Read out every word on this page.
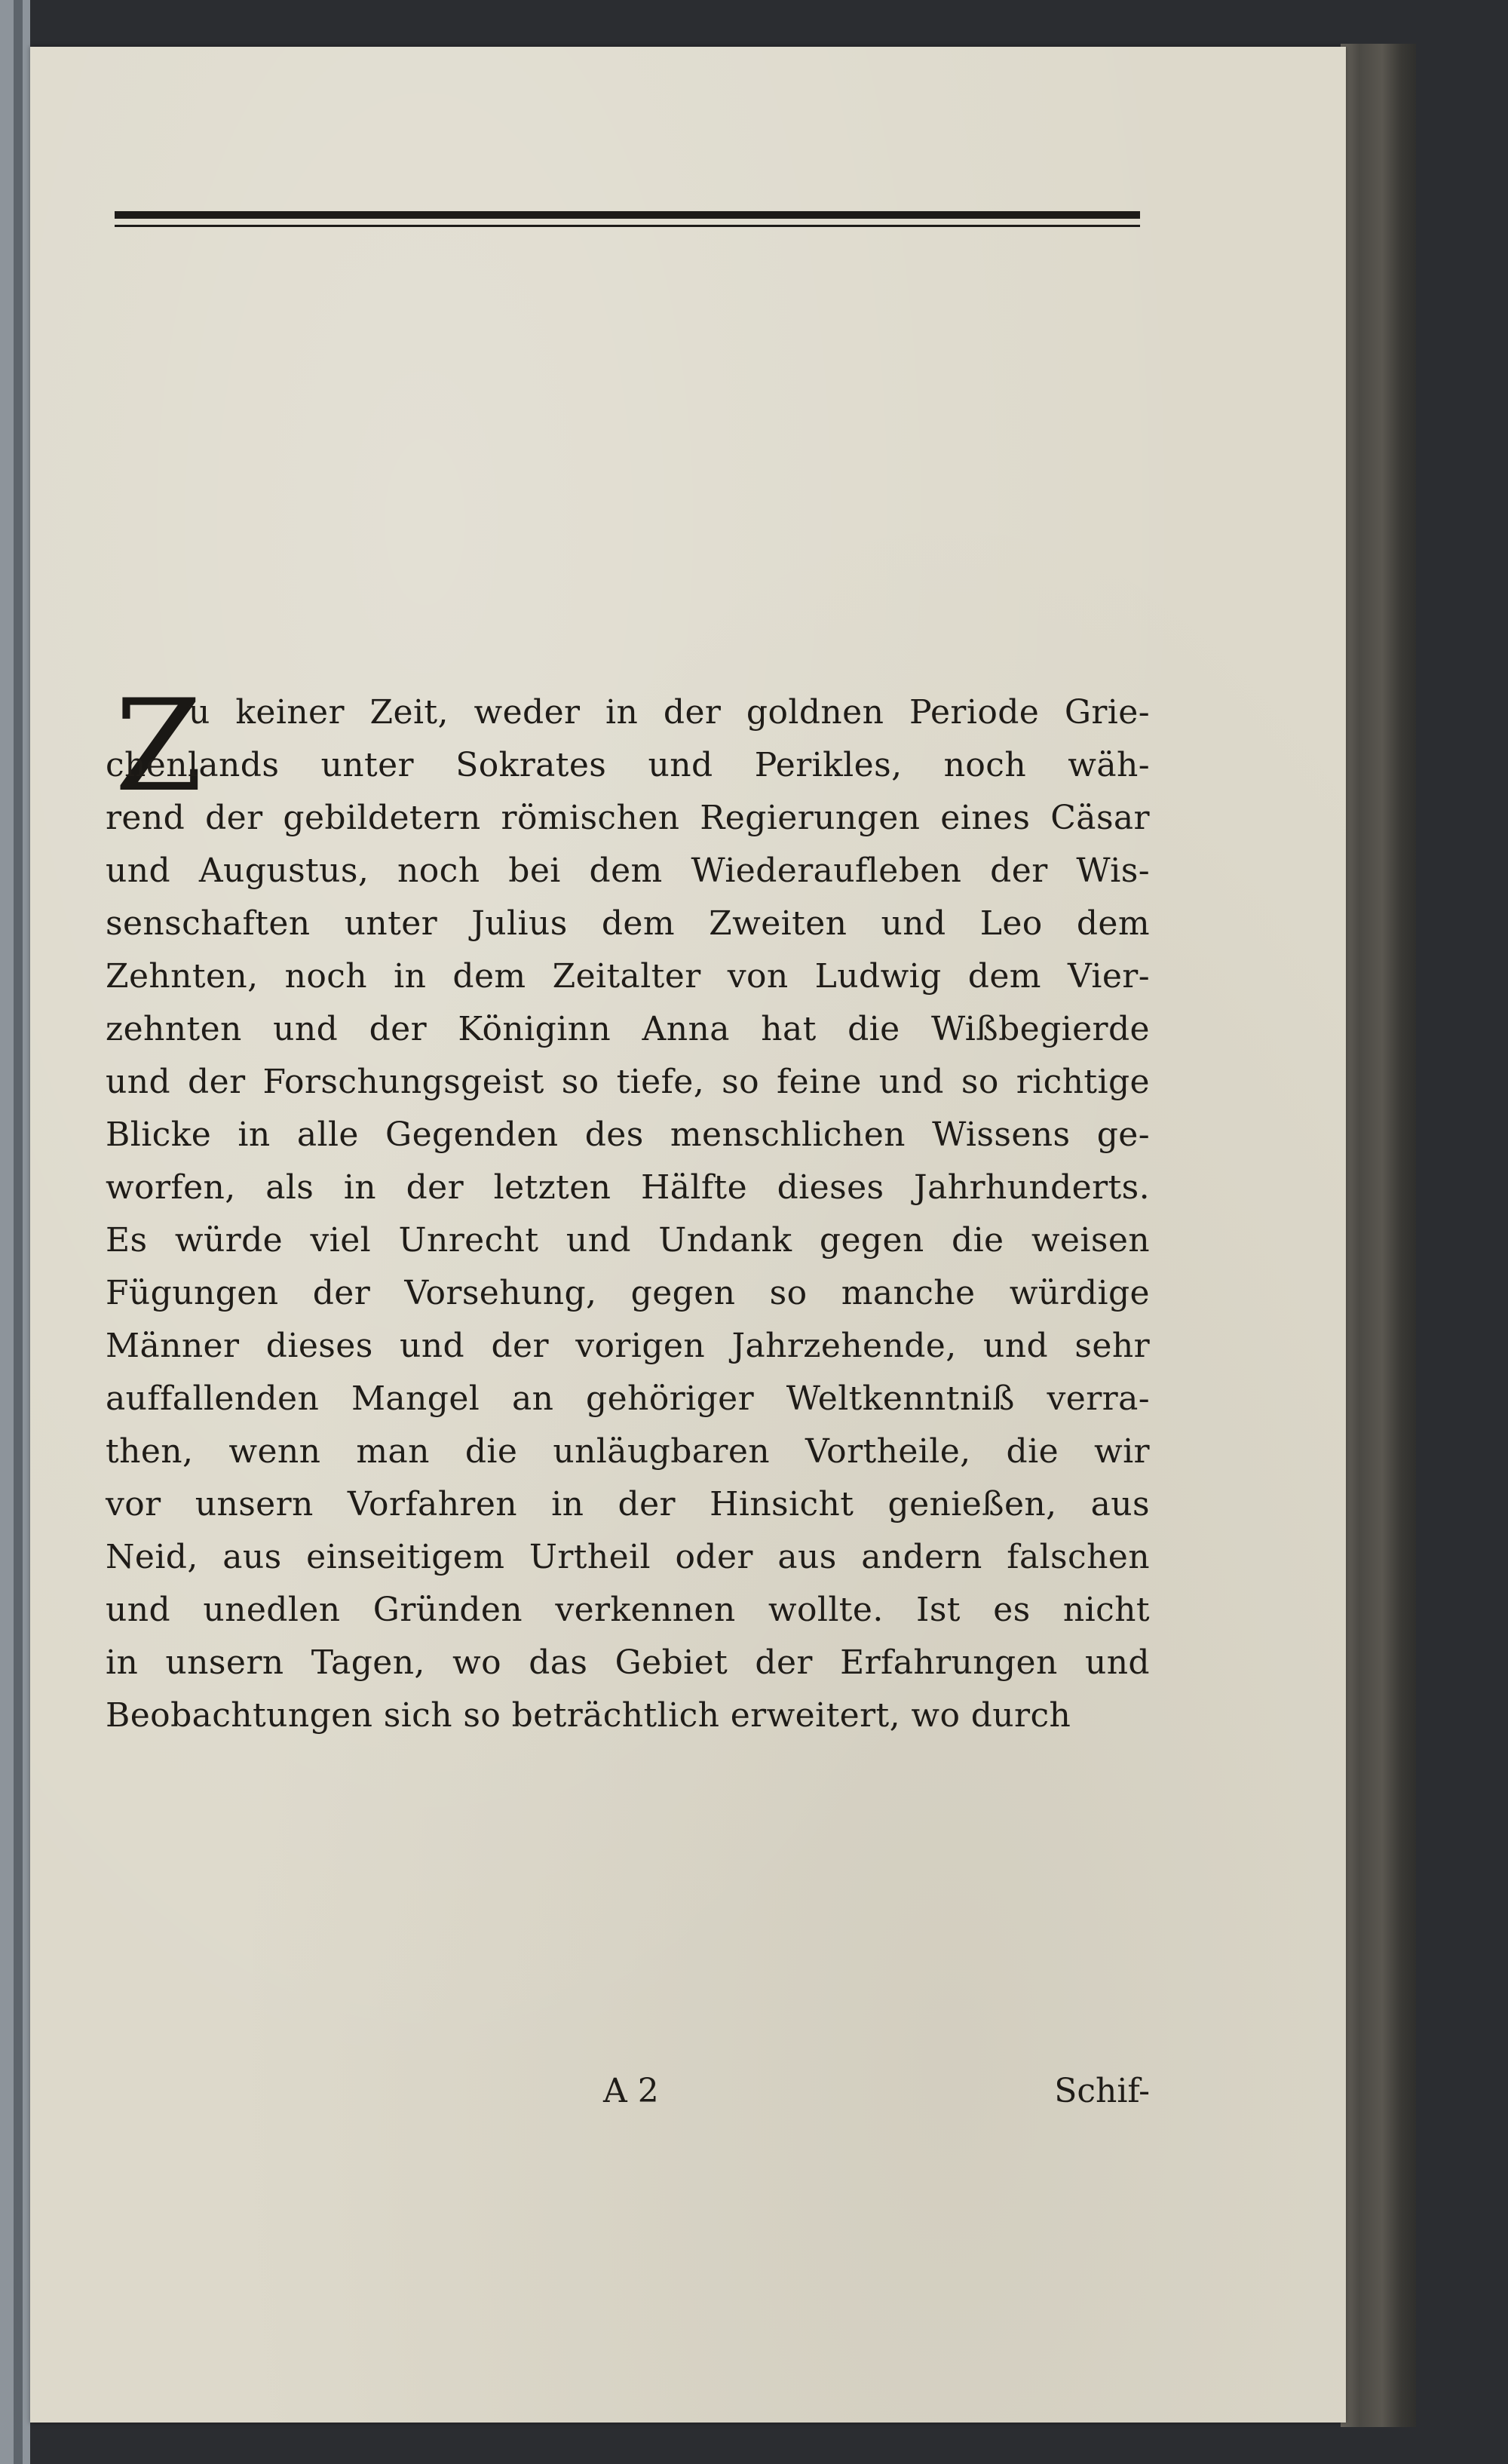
Z
u keiner Zeit, weder in der goldnen Periode Grie-
chenlands unter Sokrates und Perikles, noch wäh-
rend der gebildetern römischen Regierungen eines Cäsar
und Augustus, noch bei dem Wiederaufleben der Wis-
senschaften unter Julius dem Zweiten und Leo dem
Zehnten, noch in dem Zeitalter von Ludwig dem Vier-
zehnten und der Königinn Anna hat die Wißbegierde
und der Forschungsgeist so tiefe, so feine und so richtige
Blicke in alle Gegenden des menschlichen Wissens ge-
worfen, als in der letzten Hälfte dieses Jahrhunderts.
Es würde viel Unrecht und Undank gegen die weisen
Fügungen der Vorsehung, gegen so manche würdige
Männer dieses und der vorigen Jahrzehende, und sehr
auffallenden Mangel an gehöriger Weltkenntniß verra-
then, wenn man die unläugbaren Vortheile, die wir
vor unsern Vorfahren in der Hinsicht genießen, aus
Neid, aus einseitigem Urtheil oder aus andern falschen
und unedlen Gründen verkennen wollte. Ist es nicht
in unsern Tagen, wo das Gebiet der Erfahrungen und
Beobachtungen sich so beträchtlich erweitert, wo durch
A 2	Schif-
